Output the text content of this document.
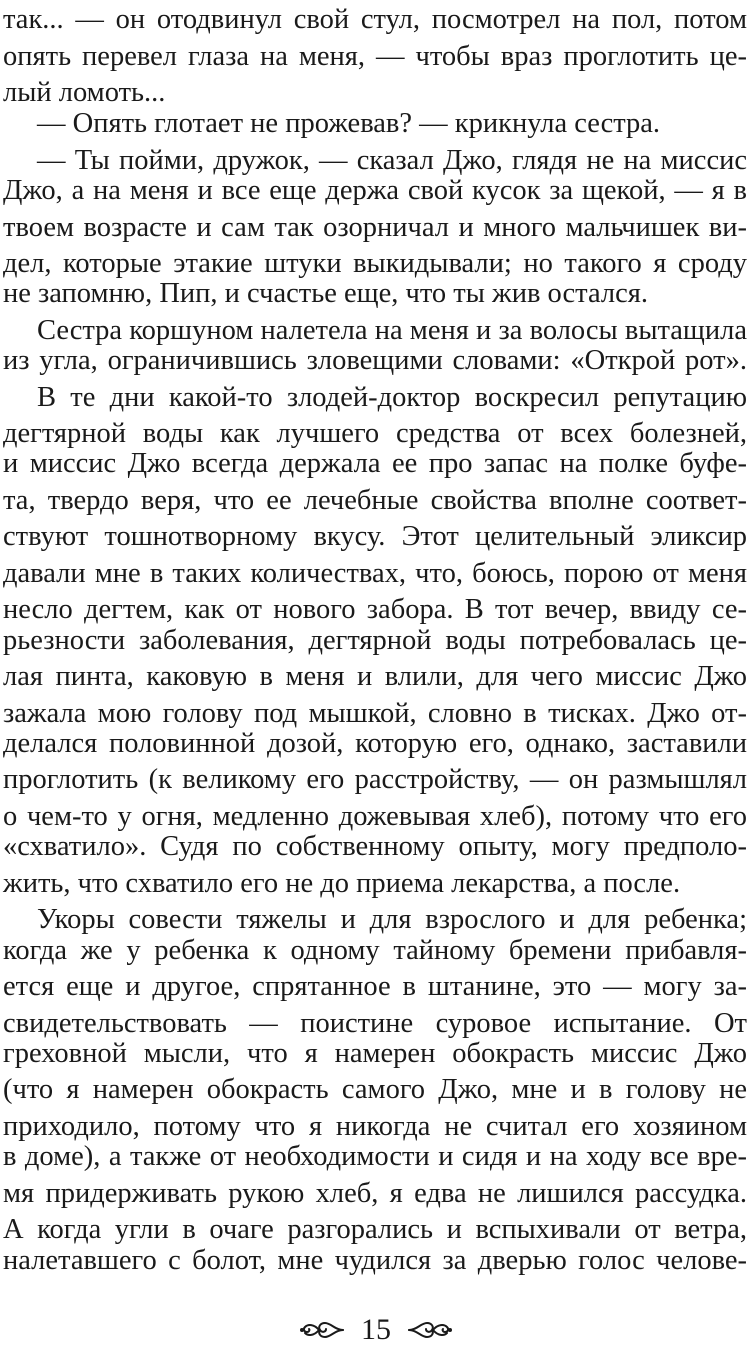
так... — он отодвинул свой стул, посмотрел на пол, потом
опять перевел глаза на меня, — чтобы враз проглотить це-
лый ломоть...
— Опять глотает не прожевав? — крикнула сестра.
— Ты пойми, дружок, — сказал Джо, глядя не на миссис
Джо, а на меня и все еще держа свой кусок за щекой, — я в
твоем возрасте и сам так озорничал и много мальчишек ви-
дел, которые этакие штуки выкидывали; но такого я сроду
не запомню, Пип, и счастье еще, что ты жив остался.
Сестра коршуном налетела на меня и за волосы вытащила
из угла, ограничившись зловещими словами: «Открой рот».
В те дни какой-то злодей-доктор воскресил репутацию
дегтярной воды как лучшего средства от всех болезней,
и миссис Джо всегда держала ее про запас на полке буфе-
та, твердо веря, что ее лечебные свойства вполне соответ-
ствуют тошнотворному вкусу. Этот целительный эликсир
давали мне в таких количествах, что, боюсь, порою от меня
несло дегтем, как от нового забора. В тот вечер, ввиду се-
рьезности заболевания, дегтярной воды потребовалась це-
лая пинта, каковую в меня и влили, для чего миссис Джо
зажала мою голову под мышкой, словно в тисках. Джо от-
делался половинной дозой, которую его, однако, заставили
проглотить (к великому его расстройству, — он размышлял
о чем-то у огня, медленно дожевывая хлеб), потому что его
«схватило». Судя по собственному опыту, могу предполо-
жить, что схватило его не до приема лекарства, а после.
Укоры совести тяжелы и для взрослого и для ребенка;
когда же у ребенка к одному тайному бремени прибавля-
ется еще и другое, спрятанное в штанине, это — могу за-
свидетельствовать — поистине суровое испытание. От
греховной мысли, что я намерен обокрасть миссис Джо
(что я намерен обокрасть самого Джо, мне и в голову не
приходило, потому что я никогда не считал его хозяином
в доме), а также от необходимости и сидя и на ходу все вре-
мя придерживать рукою хлеб, я едва не лишился рассудка.
А когда угли в очаге разгорались и вспыхивали от ветра,
налетавшего с болот, мне чудился за дверью голос челове-
15
